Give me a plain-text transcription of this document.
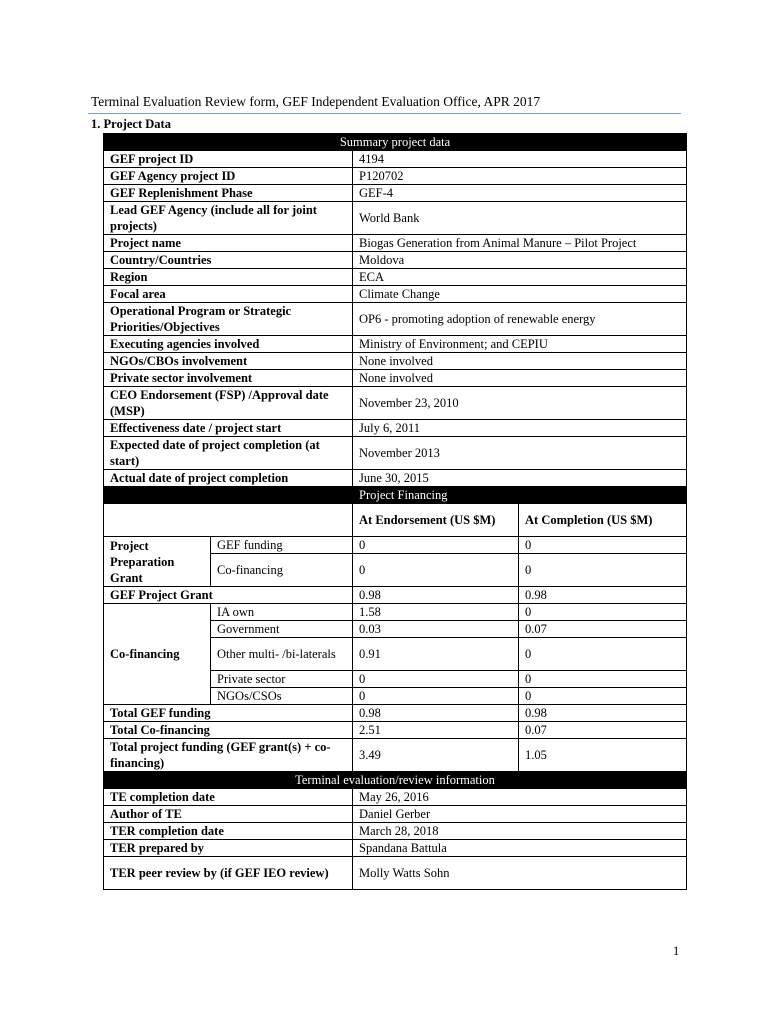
Terminal Evaluation Review form, GEF Independent Evaluation Office, APR 2017
1. Project Data
Summary project data			
GEF project ID		4194	
GEF Agency project ID		P120702	
GEF Replenishment Phase		GEF-4	
Lead GEF Agency (include all for joint projects)		World Bank	
Project name		Biogas Generation from Animal Manure – Pilot Project	
Country/Countries		Moldova	
Region		ECA	
Focal area		Climate Change	
Operational Program or Strategic Priorities/Objectives		OP6 - promoting adoption of renewable energy	
Executing agencies involved		Ministry of Environment; and CEPIU	
NGOs/CBOs involvement		None involved	
Private sector involvement		None involved	
CEO Endorsement (FSP) /Approval date (MSP)		November 23, 2010	
Effectiveness date / project start		July 6, 2011	
Expected date of project completion (at start)		November 2013	
Actual date of project completion		June 30, 2015	
		Project Financing	
		At Endorsement (US $M)	At Completion (US $M)
Project Preparation Grant	GEF funding	0	0
	Co-financing	0	0
GEF Project Grant		0.98	0.98
Co-financing	IA own	1.58	0
	Government	0.03	0.07
	Other multi- /bi-laterals	0.91	0
	Private sector	0	0
	NGOs/CSOs	0	0
Total GEF funding		0.98	0.98
Total Co-financing		2.51	0.07
Total project funding (GEF grant(s) + co-financing)		3.49	1.05
Terminal evaluation/review information			
TE completion date		May 26, 2016	
Author of TE		Daniel Gerber	
TER completion date		March 28, 2018	
TER prepared by		Spandana Battula	
TER peer review by (if GEF IEO review)		Molly Watts Sohn	
1
